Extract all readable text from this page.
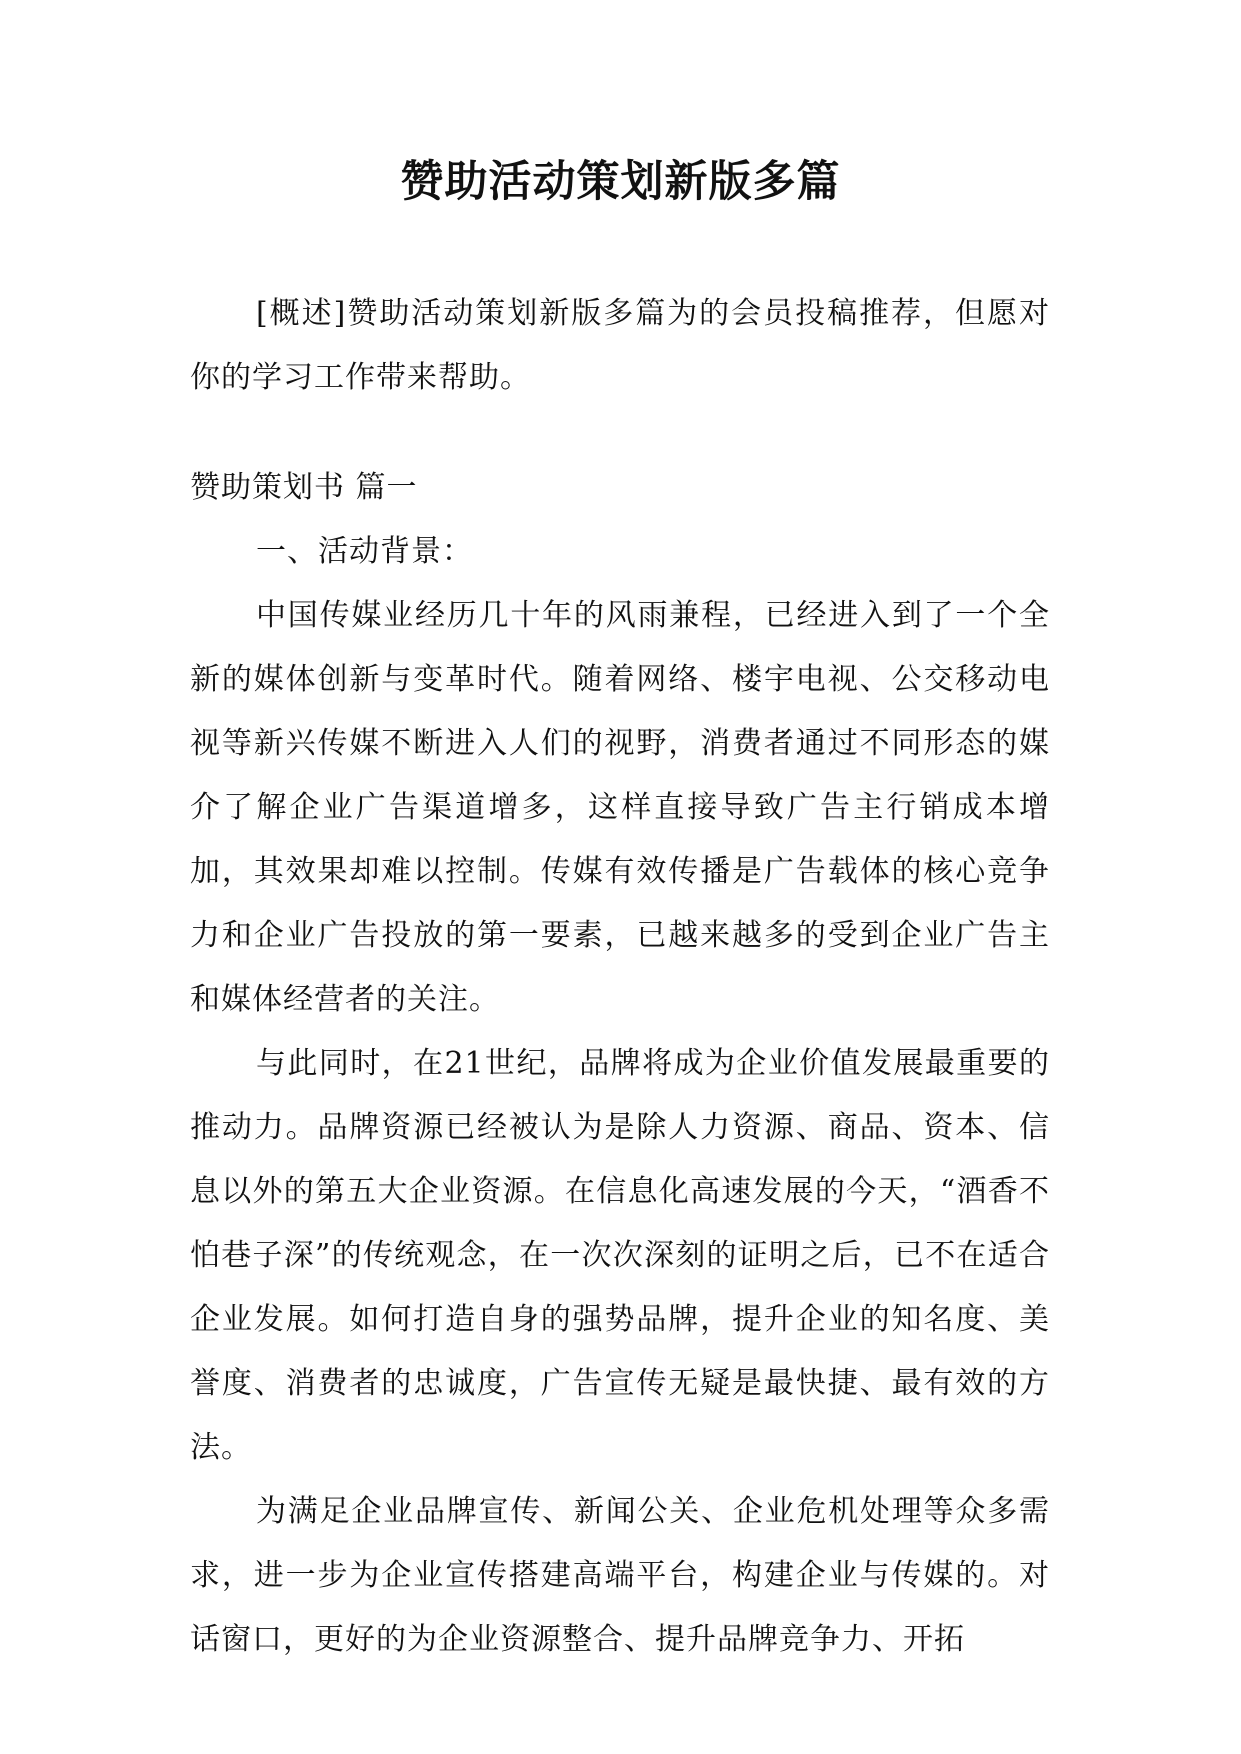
赞助活动策划新版多篇

[概述]赞助活动策划新版多篇为的会员投稿推荐，但愿对你的学习工作带来帮助。

赞助策划书 篇一

一、活动背景：

中国传媒业经历几十年的风雨兼程，已经进入到了一个全新的媒体创新与变革时代。随着网络、楼宇电视、公交移动电视等新兴传媒不断进入人们的视野，消费者通过不同形态的媒介了解企业广告渠道增多，这样直接导致广告主行销成本增加，其效果却难以控制。传媒有效传播是广告载体的核心竞争力和企业广告投放的第一要素，已越来越多的受到企业广告主和媒体经营者的关注。

与此同时，在21世纪，品牌将成为企业价值发展最重要的推动力。品牌资源已经被认为是除人力资源、商品、资本、信息以外的第五大企业资源。在信息化高速发展的今天，“酒香不怕巷子深”的传统观念，在一次次深刻的证明之后，已不在适合企业发展。如何打造自身的强势品牌，提升企业的知名度、美誉度、消费者的忠诚度，广告宣传无疑是最快捷、最有效的方法。

为满足企业品牌宣传、新闻公关、企业危机处理等众多需求，进一步为企业宣传搭建高端平台，构建企业与传媒的。对话窗口，更好的为企业资源整合、提升品牌竞争力、开拓
